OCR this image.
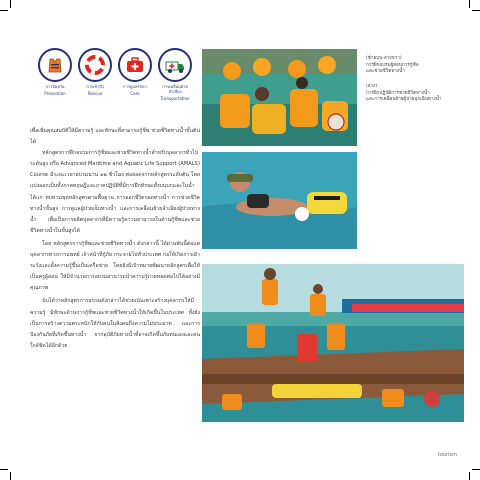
การป้องกัน
Prevention
การเข้าถึง
Rescue
การดูแลรักษา
Care
การเคลื่อนย้าย ลำเลียง
Transportation
(ซ้ายบน-ล่างขวา)
การฝึกอบรมผู้สอนการกู้ชีพ
และช่วยชีวิตทางน้ำ
(ล่าง)
การฝึกปฏิบัติการช่วยชีวิตทางน้ำ
และการเคลื่อนย้ายผู้ป่วยฉุกเฉินทางน้ำ

เพื่อเพิ่มคุณสมบัติให้มีความรู้ และทักษะที่สามารถกู้ชีพ ช่วยชีวิตทางน้ำขั้นต้นได้

หลักสูตรการฝึกอบรมการกู้ชีพและช่วยชีวิตทางน้ำสำหรับบุคลากรทั่วไประดับสูง หรือ Advanced Maritime and Aquatic Life Support (AMALS) Course มีระยะเวลาอบรมนาน ๑๒ ชั่วโมง ต่อยอดจากหลักสูตรระดับต้น โดยแบ่งออกเป็นทั้งภาคทฤษฎีและภาคปฏิบัติที่มีการฝึกทักษะทั้งบนบกและในน้ำ ได้แก่ ทบทวนชุดหลักสูตรตามพื้นฐาน การออกชีวิตรอดทางน้ำ การช่วยชีวิตทางน้ำขั้นสูง การดูแลผู้ป่วยเจ็บทางน้ำ และการเคลื่อนย้ายลำเลียงผู้ป่วยทางน้ำ เพื่อเป็นการผลิตบุคลากรที่มีความรู้ความสามารถในด้านกู้ชีพและช่วยชีวิตทางน้ำในขั้นสูงได้

โดย หลักสูตรการกู้ชีพและช่วยชีวิตทางน้ำ ดังกล่าวนี้ ได้ผ่านพ้นนี้ต่อแต่บุคลากรทางการแพทย์ เจ้าหน้าที่กู้ภัย กระจายไปทั่วประเทศ ก่อให้เกิดการเฝ้าระวังและตั้งความรู้ขึ้นเป็นเครือข่าย โดยยังมีเป้าหมายพัฒนาหลักสูตรเพื่อให้เป็นครูผู้สอน ให้มีจำนวนการอบรมสามารถนำความรู้ถ่ายทอดต่อไปได้อย่างมีคุณภาพ

นับได้ว่าหลักสูตรการอบรมดังกล่าวได้ช่วยเน้นเพาะสร้างบุคลากรให้มีความรู้ มีทักษะด้านการกู้ชีพและช่วยชีวิตทางน้ำให้เกิดขึ้นในประเทศ ทั้งยังเป็นการสร้างความตระหนักให้กับคนในสังคมถึงความไม่ประมาท และการป้องกันภัยที่เกิดขึ้นทางน้ำ จากอุบัติภัยทางน้ำที่อาจเกิดขึ้นกับตนเองและคนใกล้ชิดได้อีกด้วย

tourism
